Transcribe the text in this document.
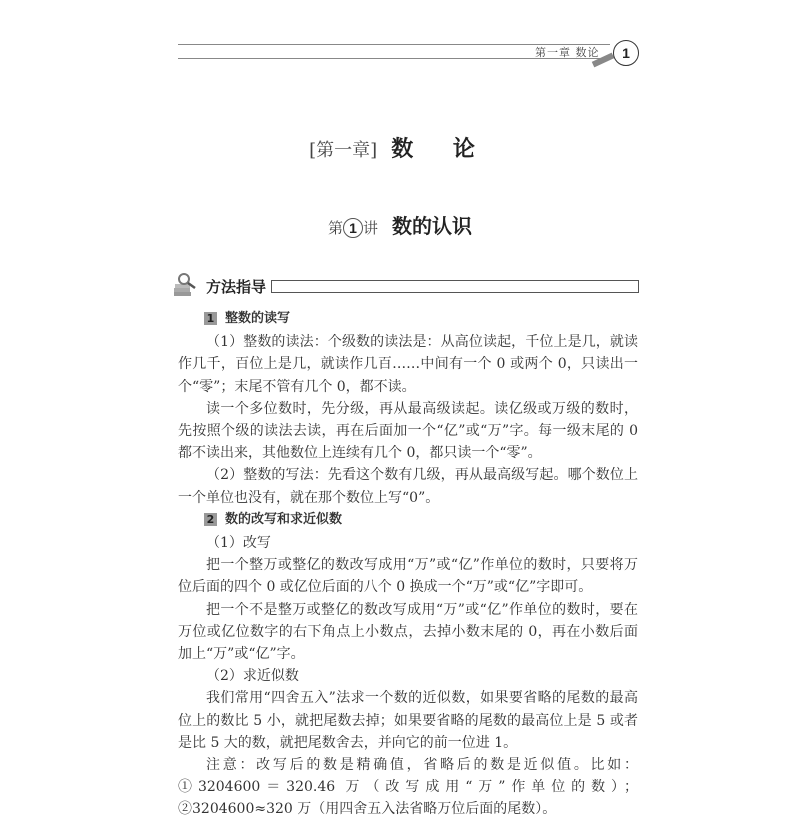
第一章 数论	1
[第一章] 数 论
第 1 讲 数的认识
方法指导
1 整数的读写

（1）整数的读法：个级数的读法是：从高位读起，千位上是几，就读作几千，百位上是几，就读作几百……中间有一个 0 或两个 0，只读出一个“零”；末尾不管有几个 0，都不读。

读一个多位数时，先分级，再从最高级读起。读亿级或万级的数时，先按照个级的读法去读，再在后面加一个“亿”或“万”字。每一级末尾的 0 都不读出来，其他数位上连续有几个 0，都只读一个“零”。

（2）整数的写法：先看这个数有几级，再从最高级写起。哪个数位上一个单位也没有，就在那个数位上写“0”。

2 数的改写和求近似数

（1）改写

把一个整万或整亿的数改写成用“万”或“亿”作单位的数时，只要将万位后面的四个 0 或亿位后面的八个 0 换成一个“万”或“亿”字即可。

把一个不是整万或整亿的数改写成用“万”或“亿”作单位的数时，要在万位或亿位数字的右下角点上小数点，去掉小数末尾的 0，再在小数后面加上“万”或“亿”字。

（2）求近似数

我们常用“四舍五入”法求一个数的近似数，如果要省略的尾数的最高位上的数比 5 小，就把尾数去掉；如果要省略的尾数的最高位上是 5 或者是比 5 大的数，就把尾数舍去，并向它的前一位进 1。

注意：改写后的数是精确值，省略后的数是近似值。比如：①3204600＝320.46 万（改写成用“万”作单位的数）；②3204600≈320 万（用四舍五入法省略万位后面的尾数）。
